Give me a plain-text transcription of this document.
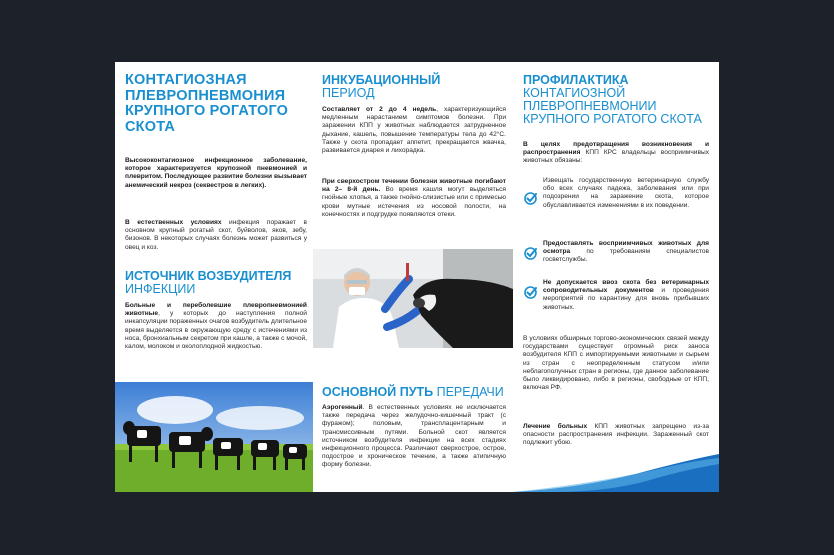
КОНТАГИОЗНАЯ ПЛЕВРОПНЕВМОНИЯ КРУПНОГО РОГАТОГО СКОТА

Высококонтагиозное инфекционное заболевание, которое характеризуется крупозной пневмонией и плевритом. Последующее развитие болезни вызывает анемический некроз (секвестров в легких).

В естественных условиях инфекция поражает в основном крупный рогатый скот, буйволов, яков, зебу, бизонов. В некоторых случаях болезнь может развиться у овец и коз.

ИСТОЧНИК ВОЗБУДИТЕЛЯ
ИНФЕКЦИИ

Больные и переболевшие плевропневмонией животные, у которых до наступления полной инкапсуляции пораженных очагов возбудитель длительное время выделяется в окружающую среду с истечениями из носа, бронхиальным секретом при кашле, а также с мочой, калом, молоком и околоплодной жидкостью.

ИНКУБАЦИОННЫЙ
ПЕРИОД

Составляет от 2 до 4 недель, характеризующийся медленным нарастанием симптомов болезни. При заражении КПП у животных наблюдается затрудненное дыхание, кашель, повышение температуры тела до 42°С. Также у скота пропадает аппетит, прекращается жвачка, развивается диарея и лихорадка.

При сверхостром течении болезни животные погибают на 2– 8-й день. Во время кашля могут выделяться гнойные хлопья, а также гнойно-слизистые или с примесью крови мутные истечения из носовой полости, на конечностях и подгрудке появляются отеки.

ОСНОВНОЙ ПУТЬ ПЕРЕДАЧИ

Аэрогенный. В естественных условиях не исключается также передача через желудочно-кишечный тракт (с фуражом); половым, трансплацентарным и трансмиссивным путями. Больной скот является источником возбудителя инфекции на всех стадиях инфекционного процесса. Различают сверхострое, острое, подострое и хроническое течение, а также атипичную форму болезни.

ПРОФИЛАКТИКА
КОНТАГИОЗНОЙ ПЛЕВРОПНЕВМОНИИ КРУПНОГО РОГАТОГО СКОТА

В целях предотвращения возникновения и распространения КПП КРС владельцы восприимчивых животных обязаны:

Извещать государственную ветеринарную службу обо всех случаях падежа, заболевания или при подозрении на заражение скота, которое обуславливается изменениями в их поведении.

Предоставлять восприимчивых животных для осмотра по требованиям специалистов госветслужбы.

Не допускается ввоз скота без ветеринарных сопроводительных документов и проведения мероприятий по карантину для вновь прибывших животных.

В условиях обширных торгово-экономических связей между государствами существует огромный риск заноса возбудителя КПП с импортируемыми животными и сырьем из стран с неопределенным статусом и/или неблагополучных стран в регионы, где данное заболевание было ликвидировано, либо в регионы, свободные от КПП, включая РФ.

Лечение больных КПП животных запрещено из-за опасности распространения инфекции. Зараженный скот подлежит убою.
